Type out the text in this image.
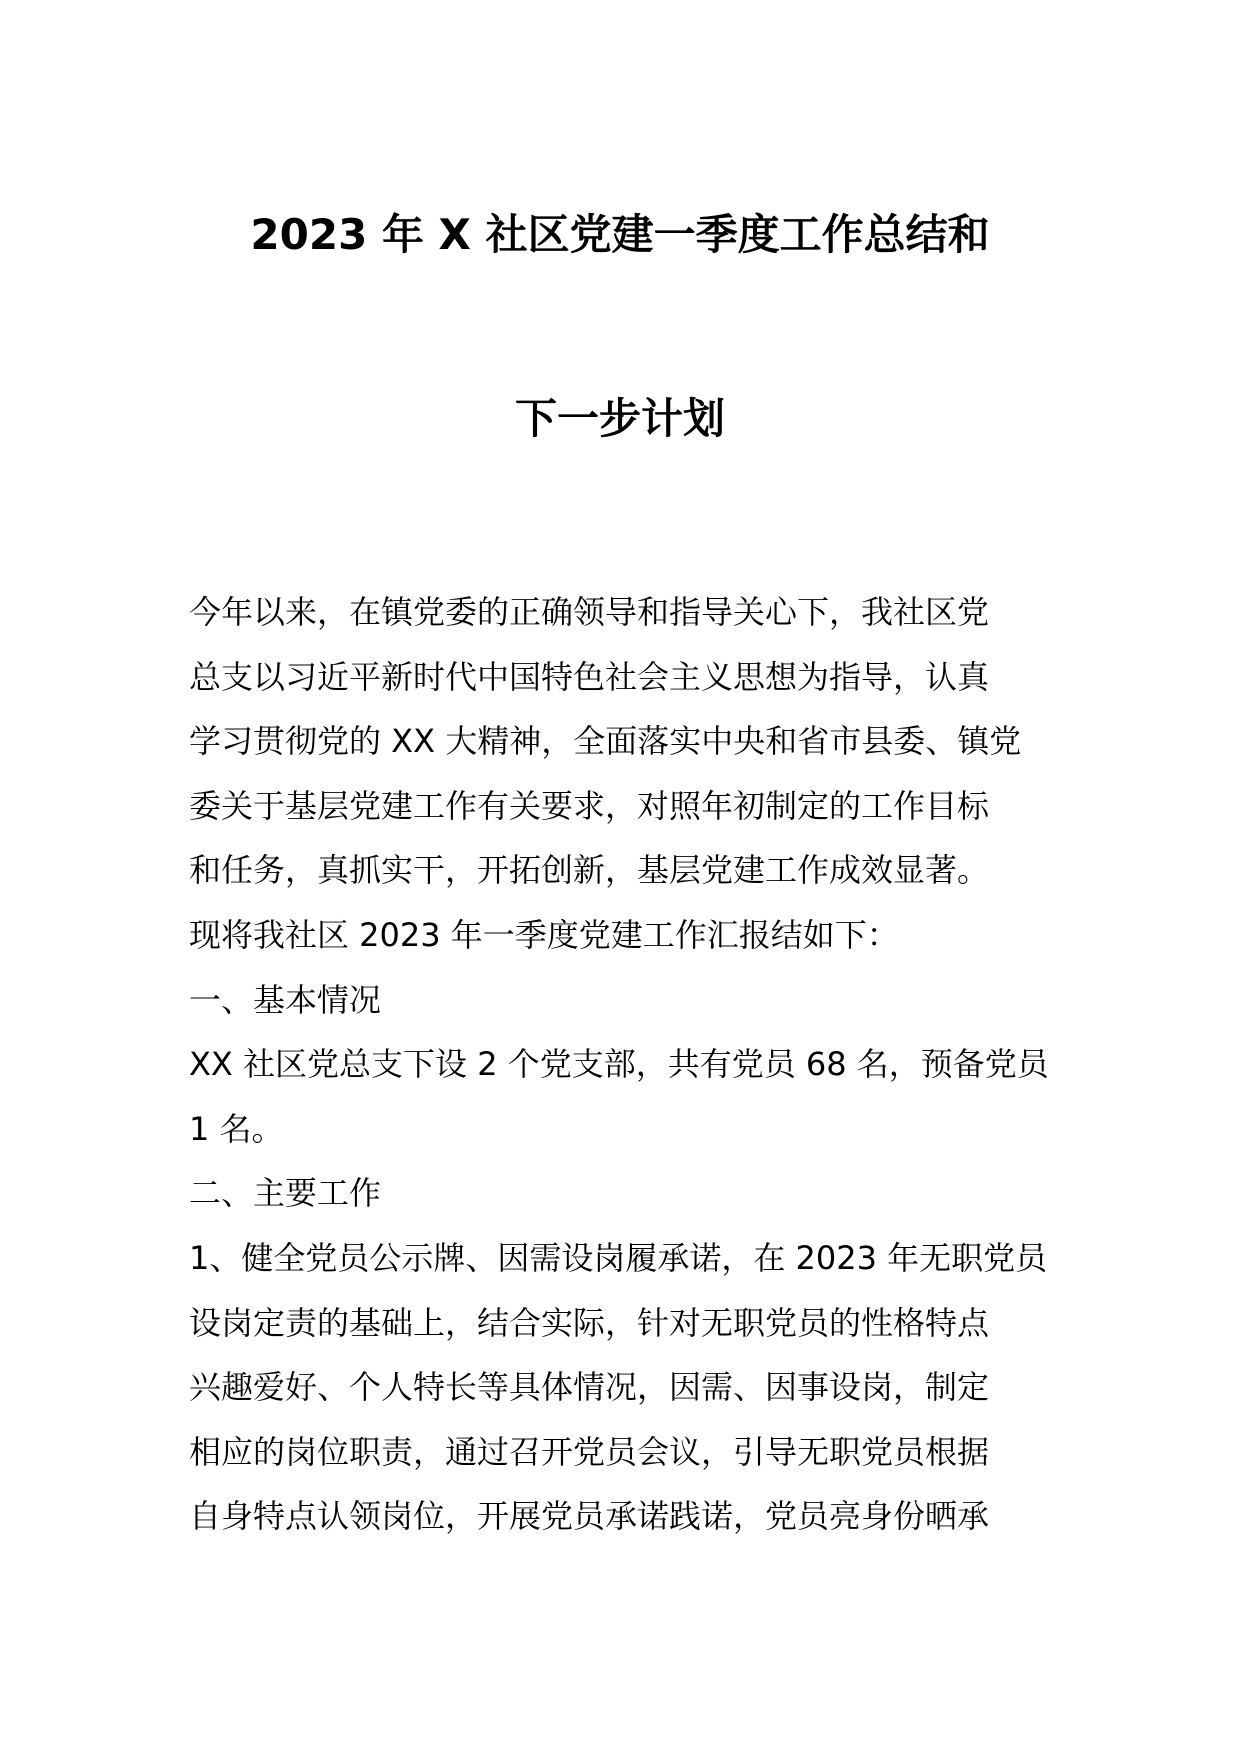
2023 年 X 社区党建一季度工作总结和
下一步计划
今年以来，在镇党委的正确领导和指导关心下，我社区党
总支以习近平新时代中国特色社会主义思想为指导，认真
学习贯彻党的 XX 大精神，全面落实中央和省市县委、镇党
委关于基层党建工作有关要求，对照年初制定的工作目标
和任务，真抓实干，开拓创新，基层党建工作成效显著。
现将我社区 2023 年一季度党建工作汇报结如下：
一、基本情况
XX 社区党总支下设 2 个党支部，共有党员 68 名，预备党员
1 名。
二、主要工作
1、健全党员公示牌、因需设岗履承诺，在 2023 年无职党员
设岗定责的基础上，结合实际，针对无职党员的性格特点
兴趣爱好、个人特长等具体情况，因需、因事设岗，制定
相应的岗位职责，通过召开党员会议，引导无职党员根据
自身特点认领岗位，开展党员承诺践诺，党员亮身份晒承
